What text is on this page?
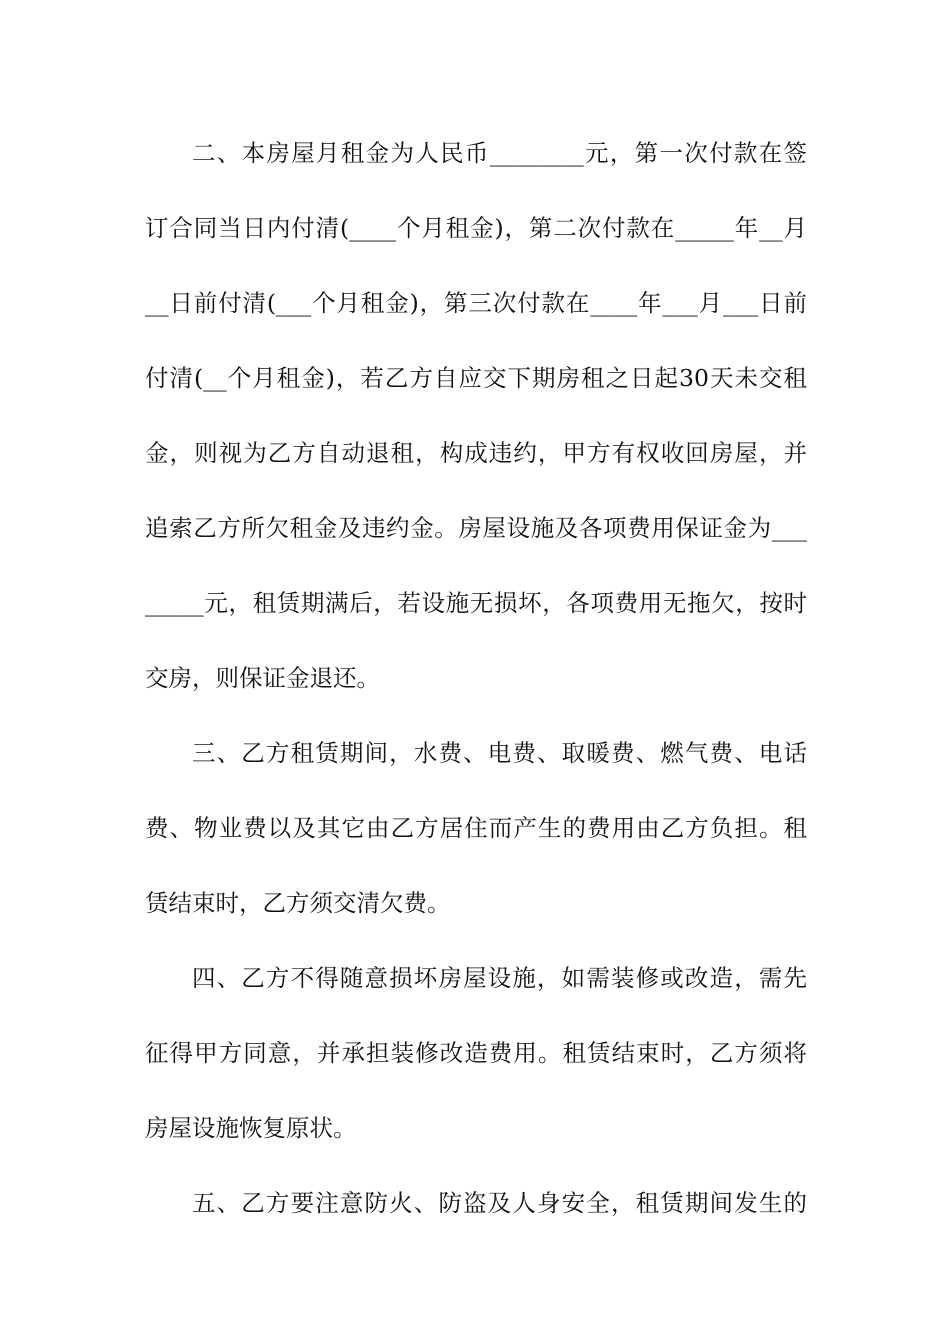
二、本房屋月租金为人民币________元，第一次付款在签
订合同当日内付清(____个月租金)，第二次付款在_____年__月
__日前付清(___个月租金)，第三次付款在____年___月___日前
付清(__个月租金)，若乙方自应交下期房租之日起30天未交租
金，则视为乙方自动退租，构成违约，甲方有权收回房屋，并
追索乙方所欠租金及违约金。房屋设施及各项费用保证金为___
_____元，租赁期满后，若设施无损坏，各项费用无拖欠，按时
交房，则保证金退还。
三、乙方租赁期间，水费、电费、取暖费、燃气费、电话
费、物业费以及其它由乙方居住而产生的费用由乙方负担。租
赁结束时，乙方须交清欠费。
四、乙方不得随意损坏房屋设施，如需装修或改造，需先
征得甲方同意，并承担装修改造费用。租赁结束时，乙方须将
房屋设施恢复原状。
五、乙方要注意防火、防盗及人身安全，租赁期间发生的
